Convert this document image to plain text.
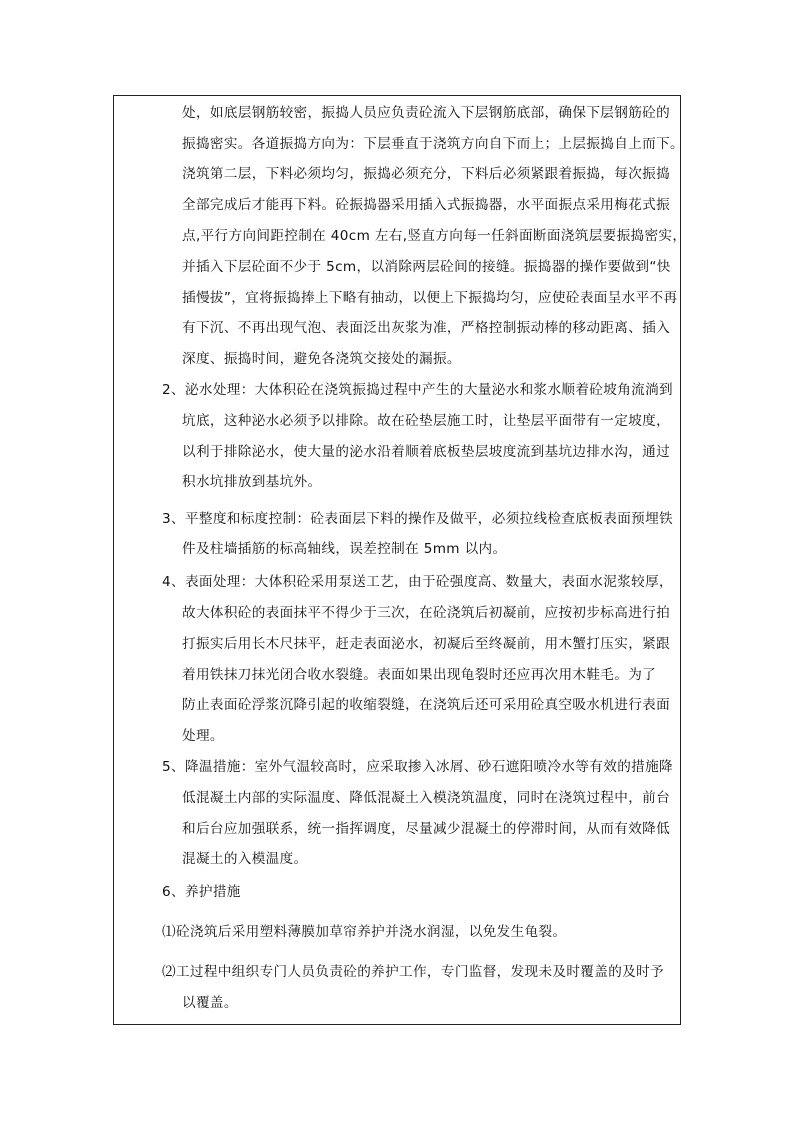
处，如底层钢筋较密，振捣人员应负责砼流入下层钢筋底部，确保下层钢筋砼的
振捣密实。各道振捣方向为：下层垂直于浇筑方向自下而上；上层振捣自上而下。
浇筑第二层，下料必须均匀，振捣必须充分，下料后必须紧跟着振捣，每次振捣
全部完成后才能再下料。砼振捣器采用插入式振捣器，水平面振点采用梅花式振
点,平行方向间距控制在 40cm 左右,竖直方向每一任斜面断面浇筑层要振捣密实，
并插入下层砼面不少于 5cm，以消除两层砼间的接缝。振捣器的操作要做到“快
插慢拔”，宜将振捣捧上下略有抽动，以便上下振捣均匀，应使砼表面呈水平不再
有下沉、不再出现气泡、表面泛出灰浆为准，严格控制振动棒的移动距离、插入
深度、振捣时间，避免各浇筑交接处的漏振。
2、泌水处理：大体积砼在浇筑振捣过程中产生的大量泌水和浆水顺着砼坡角流淌到
坑底，这种泌水必须予以排除。故在砼垫层施工时，让垫层平面带有一定坡度，
以利于排除泌水，使大量的泌水沿着顺着底板垫层坡度流到基坑边排水沟，通过
积水坑排放到基坑外。
3、平整度和标度控制：砼表面层下料的操作及做平，必须拉线检查底板表面预埋铁
件及柱墙插筋的标高轴线，误差控制在 5mm 以内。
4、表面处理：大体积砼采用泵送工艺，由于砼强度高、数量大，表面水泥浆较厚，
故大体积砼的表面抹平不得少于三次，在砼浇筑后初凝前，应按初步标高进行拍
打振实后用长木尺抹平，赶走表面泌水，初凝后至终凝前，用木蟹打压实，紧跟
着用铁抹刀抹光闭合收水裂缝。表面如果出现龟裂时还应再次用木鞋毛。为了
防止表面砼浮浆沉降引起的收缩裂缝，在浇筑后还可采用砼真空吸水机进行表面
处理。
5、降温措施：室外气温较高时，应采取掺入冰屑、砂石遮阳喷冷水等有效的措施降
低混凝土内部的实际温度、降低混凝土入模浇筑温度，同时在浇筑过程中，前台
和后台应加强联系，统一指挥调度，尽量减少混凝土的停滞时间，从而有效降低
混凝土的入模温度。
6、养护措施
⑴砼浇筑后采用塑料薄膜加草帘养护并浇水润湿，以免发生龟裂。
⑵工过程中组织专门人员负责砼的养护工作，专门监督，发现未及时覆盖的及时予
以覆盖。
